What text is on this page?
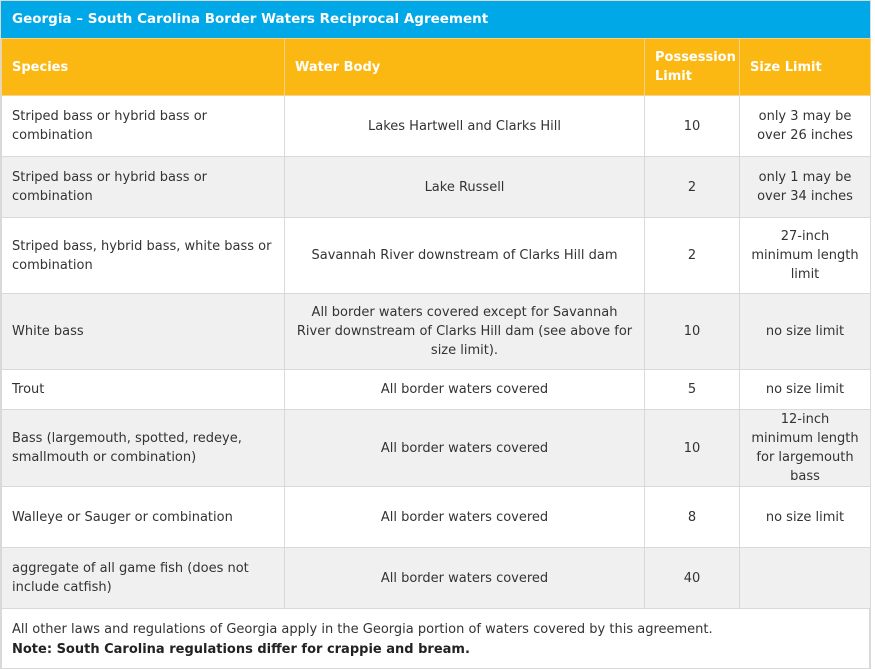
Georgia – South Carolina Border Waters Reciprocal Agreement
Species	Water Body	Possession Limit	Size Limit
Striped bass or hybrid bass or combination	Lakes Hartwell and Clarks Hill	10	only 3 may be over 26 inches
Striped bass or hybrid bass or combination	Lake Russell	2	only 1 may be over 34 inches
Striped bass, hybrid bass, white bass or combination	Savannah River downstream of Clarks Hill dam	2	27-inch minimum length limit
White bass	All border waters covered except for Savannah River downstream of Clarks Hill dam (see above for size limit).	10	no size limit
Trout	All border waters covered	5	no size limit
Bass (largemouth, spotted, redeye, smallmouth or combination)	All border waters covered	10	12-inch minimum length for largemouth bass
Walleye or Sauger or combination	All border waters covered	8	no size limit
aggregate of all game fish (does not include catfish)	All border waters covered	40	
All other laws and regulations of Georgia apply in the Georgia portion of waters covered by this agreement.
Note: South Carolina regulations differ for crappie and bream.
